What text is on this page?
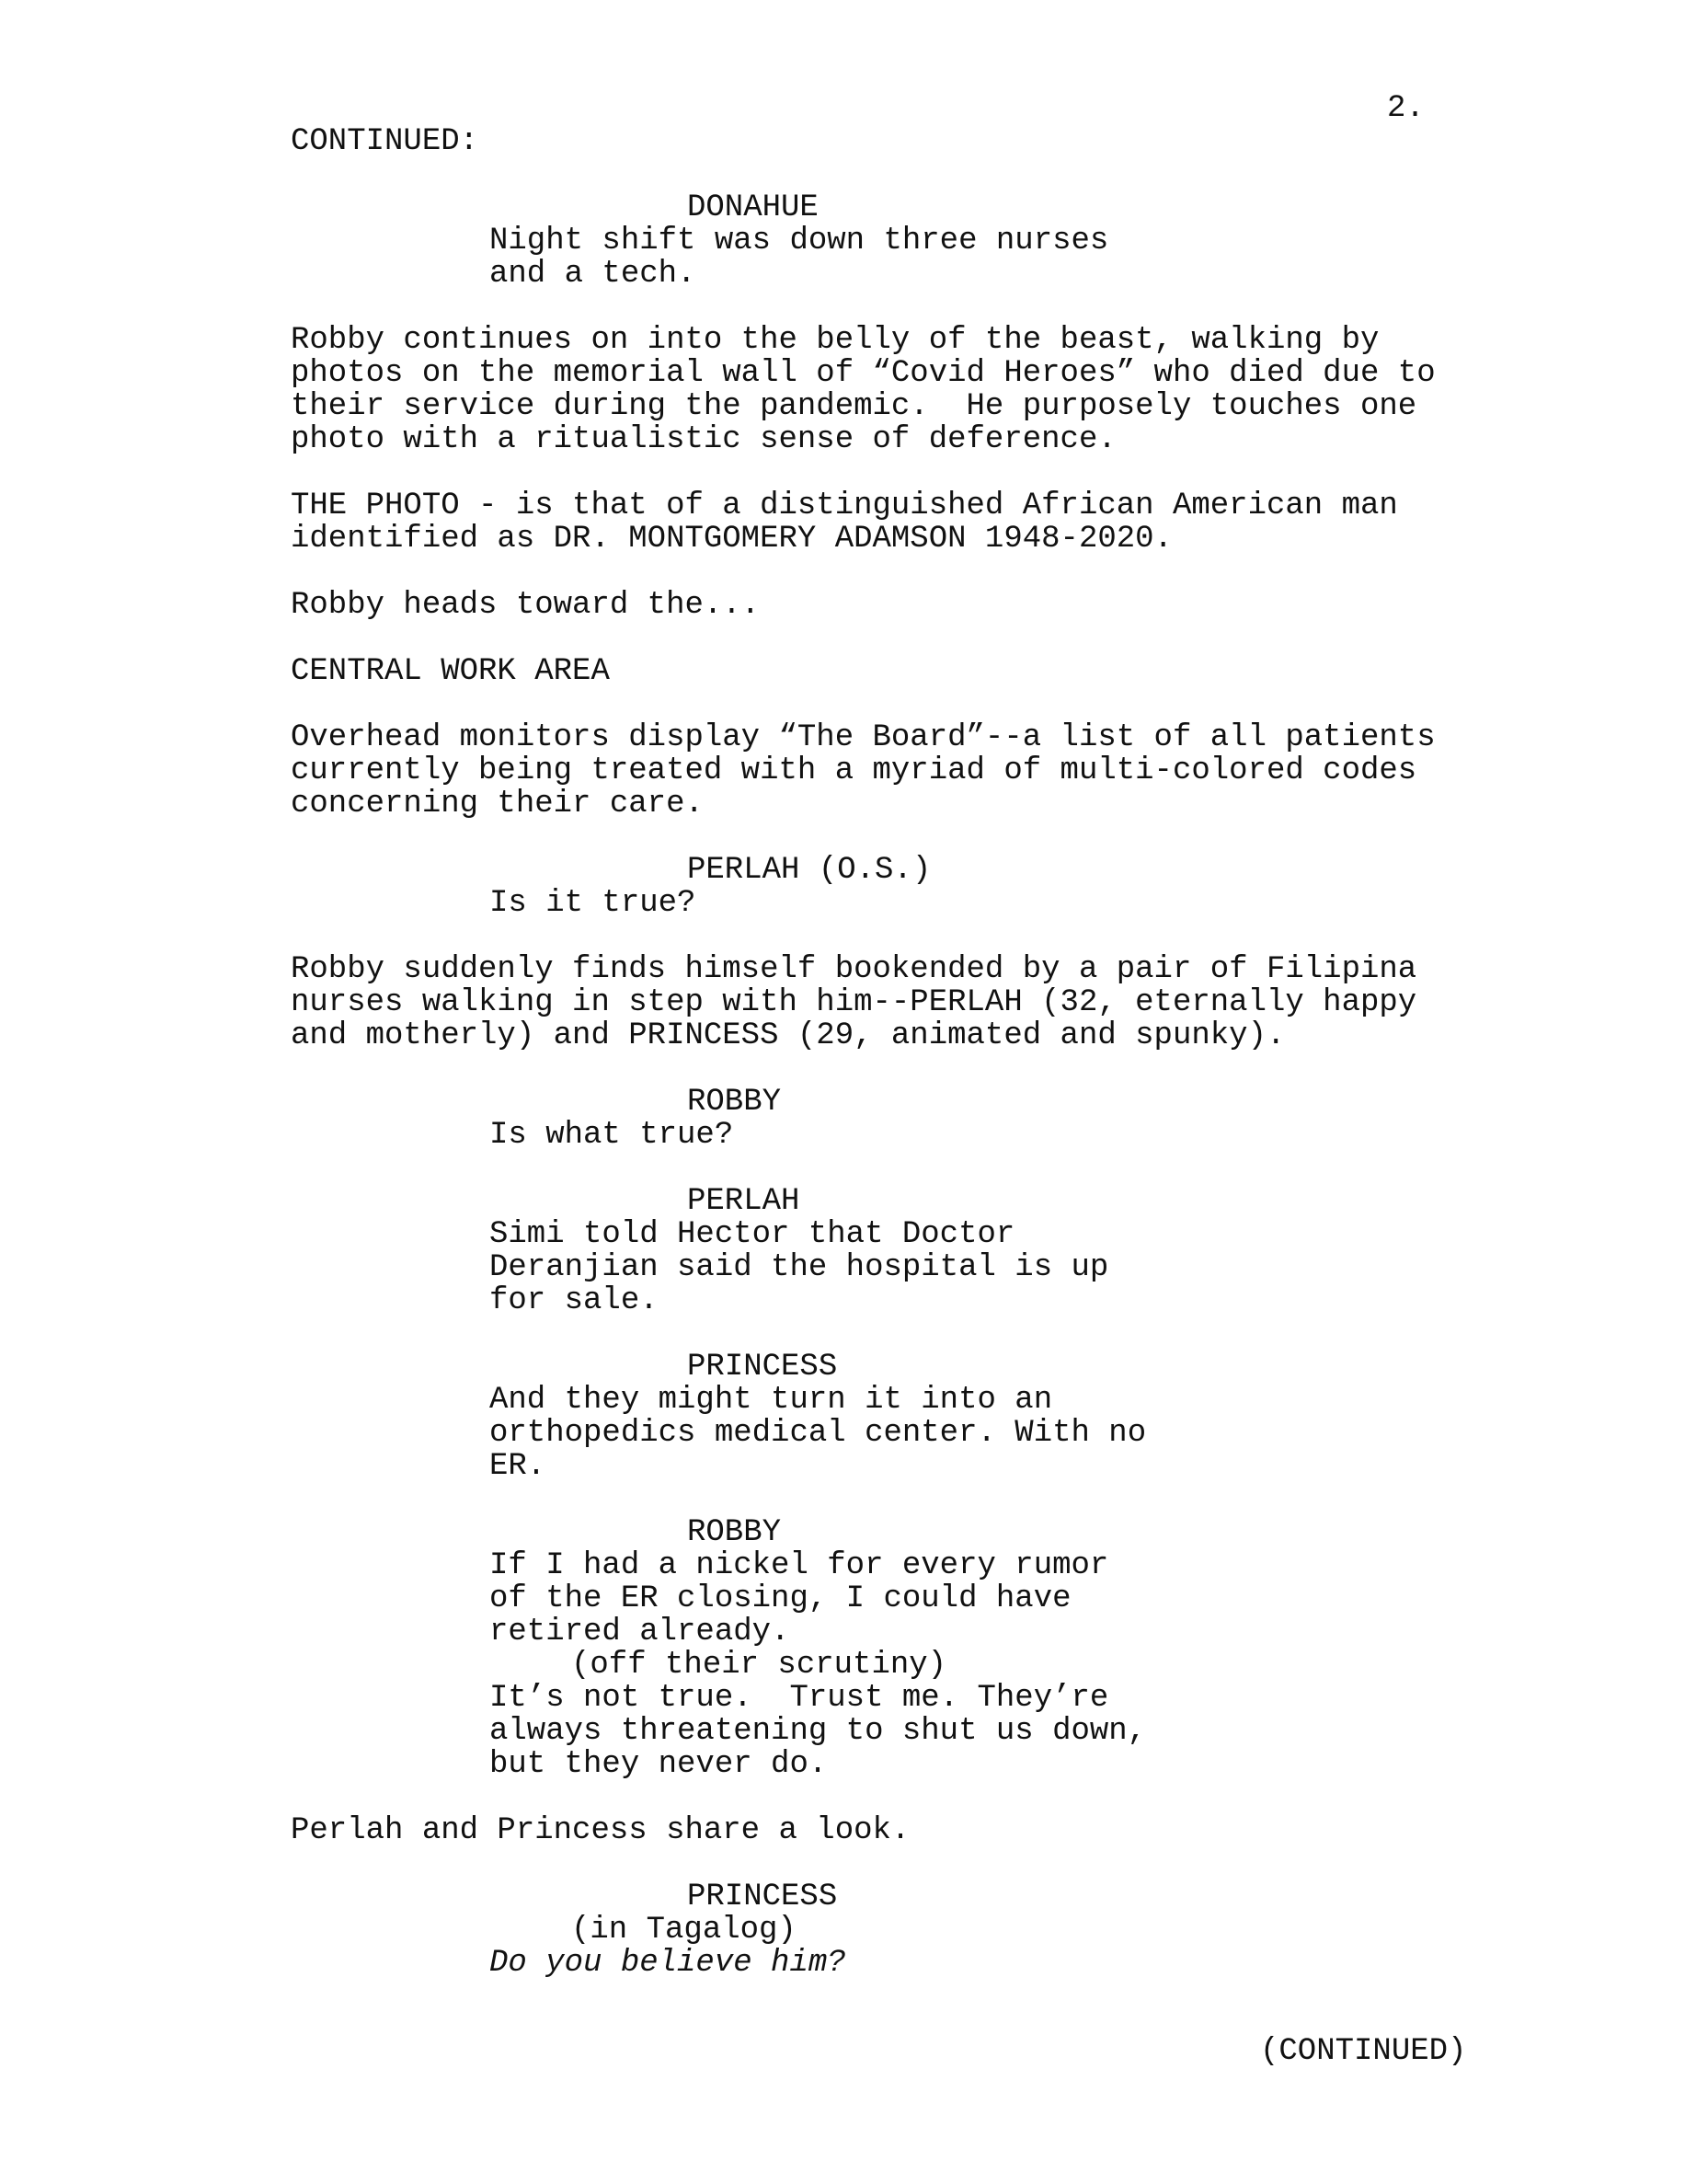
2.
CONTINUED:
DONAHUE
Night shift was down three nurses
and a tech.
Robby continues on into the belly of the beast, walking by
photos on the memorial wall of “Covid Heroes” who died due to
their service during the pandemic.  He purposely touches one
photo with a ritualistic sense of deference.
THE PHOTO - is that of a distinguished African American man
identified as DR. MONTGOMERY ADAMSON 1948-2020.
Robby heads toward the...
CENTRAL WORK AREA
Overhead monitors display “The Board”--a list of all patients
currently being treated with a myriad of multi-colored codes
concerning their care.
PERLAH (O.S.)
Is it true?
Robby suddenly finds himself bookended by a pair of Filipina
nurses walking in step with him--PERLAH (32, eternally happy
and motherly) and PRINCESS (29, animated and spunky).
ROBBY
Is what true?
PERLAH
Simi told Hector that Doctor
Deranjian said the hospital is up
for sale.
PRINCESS
And they might turn it into an
orthopedics medical center. With no
ER.
ROBBY
If I had a nickel for every rumor
of the ER closing, I could have
retired already.
(off their scrutiny)
It’s not true.  Trust me. They’re
always threatening to shut us down,
but they never do.
Perlah and Princess share a look.
PRINCESS
(in Tagalog)
Do you believe him?
(CONTINUED)
